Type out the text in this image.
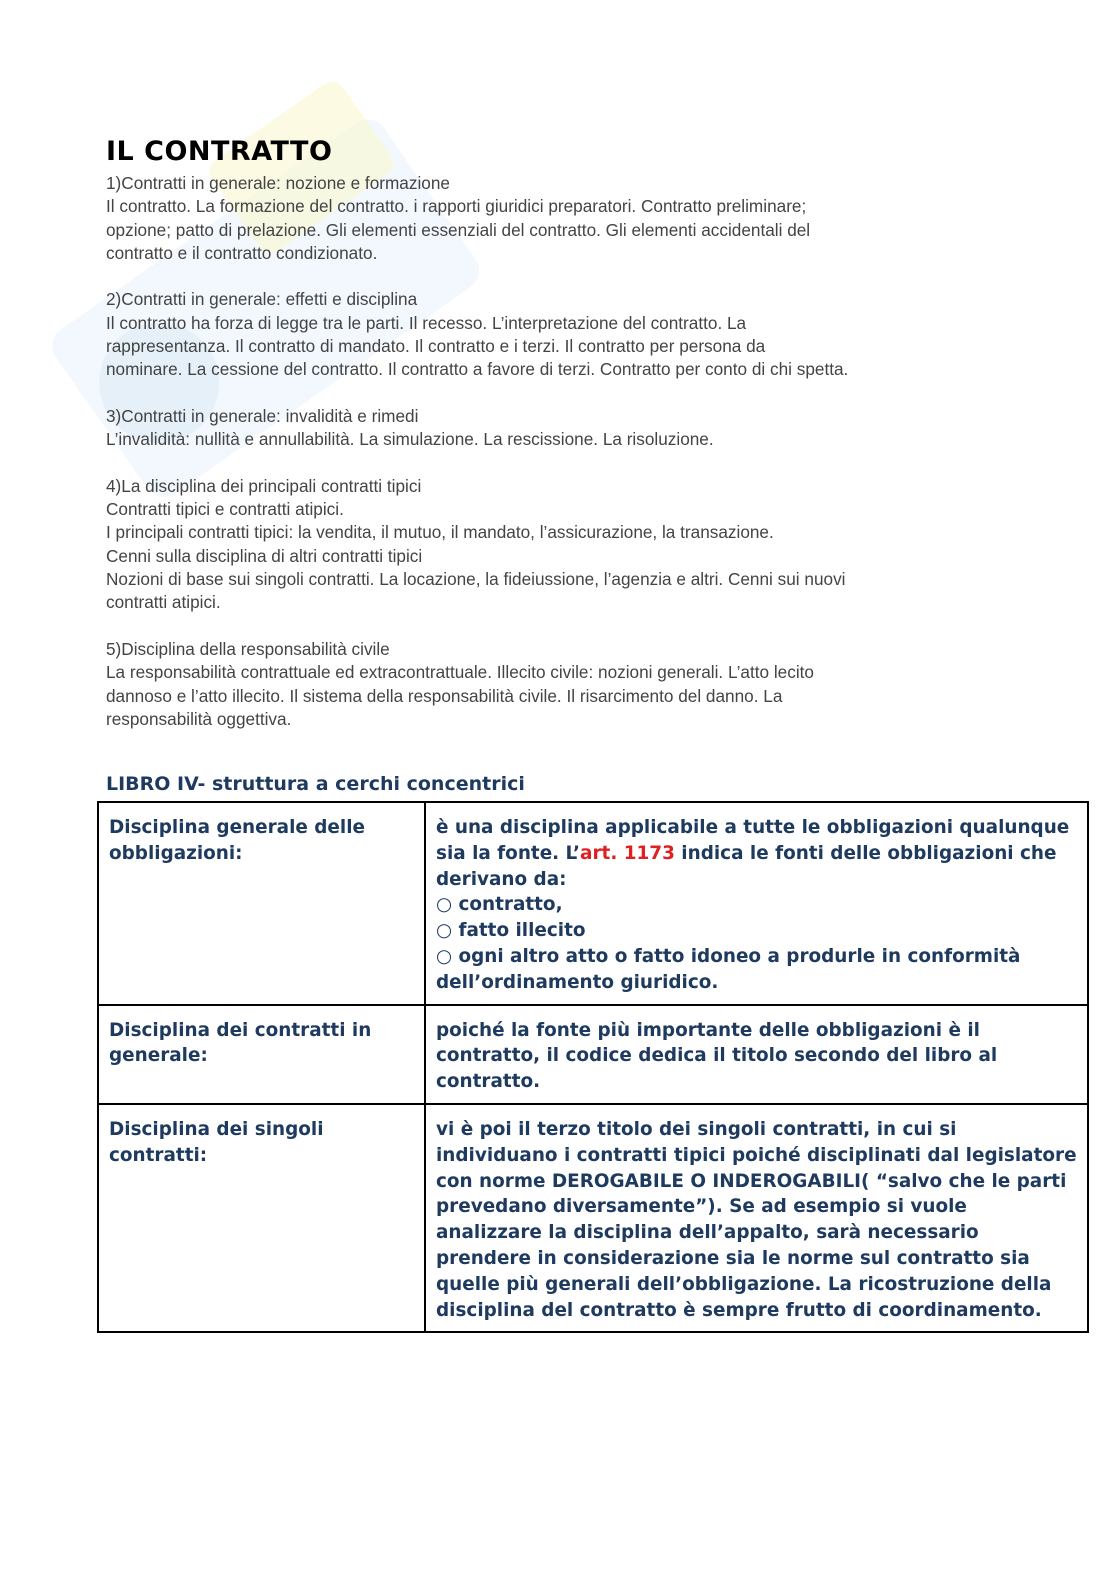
IL CONTRATTO
1)Contratti in generale: nozione e formazione
Il contratto. La formazione del contratto. i rapporti giuridici preparatori. Contratto preliminare;
opzione; patto di prelazione. Gli elementi essenziali del contratto. Gli elementi accidentali del
contratto e il contratto condizionato.
2)Contratti in generale: effetti e disciplina
Il contratto ha forza di legge tra le parti. Il recesso. L’interpretazione del contratto. La
rappresentanza. Il contratto di mandato. Il contratto e i terzi. Il contratto per persona da
nominare. La cessione del contratto. Il contratto a favore di terzi. Contratto per conto di chi spetta.
3)Contratti in generale: invalidità e rimedi
L’invalidità: nullità e annullabilità. La simulazione. La rescissione. La risoluzione.
4)La disciplina dei principali contratti tipici
Contratti tipici e contratti atipici.
I principali contratti tipici: la vendita, il mutuo, il mandato, l’assicurazione, la transazione.
Cenni sulla disciplina di altri contratti tipici
Nozioni di base sui singoli contratti. La locazione, la fideiussione, l’agenzia e altri. Cenni sui nuovi
contratti atipici.
5)Disciplina della responsabilità civile
La responsabilità contrattuale ed extracontrattuale. Illecito civile: nozioni generali. L’atto lecito
dannoso e l’atto illecito. Il sistema della responsabilità civile. Il risarcimento del danno. La
responsabilità oggettiva.
LIBRO IV- struttura a cerchi concentrici
Disciplina generale delle obbligazioni:	è una disciplina applicabile a tutte le obbligazioni qualunque sia la fonte. L’art. 1173 indica le fonti delle obbligazioni che derivano da:
○ contratto,
○ fatto illecito
○ ogni altro atto o fatto idoneo a produrle in conformità dell’ordinamento giuridico.

Disciplina dei contratti in generale:	poiché la fonte più importante delle obbligazioni è il contratto, il codice dedica il titolo secondo del libro al contratto.
Disciplina dei singoli contratti:	vi è poi il terzo titolo dei singoli contratti, in cui si individuano i contratti tipici poiché disciplinati dal legislatore con norme DEROGABILE O INDEROGABILI( “salvo che le parti prevedano diversamente”). Se ad esempio si vuole analizzare la disciplina dell’appalto, sarà necessario prendere in considerazione sia le norme sul contratto sia quelle più generali dell’obbligazione. La ricostruzione della disciplina del contratto è sempre frutto di coordinamento.
